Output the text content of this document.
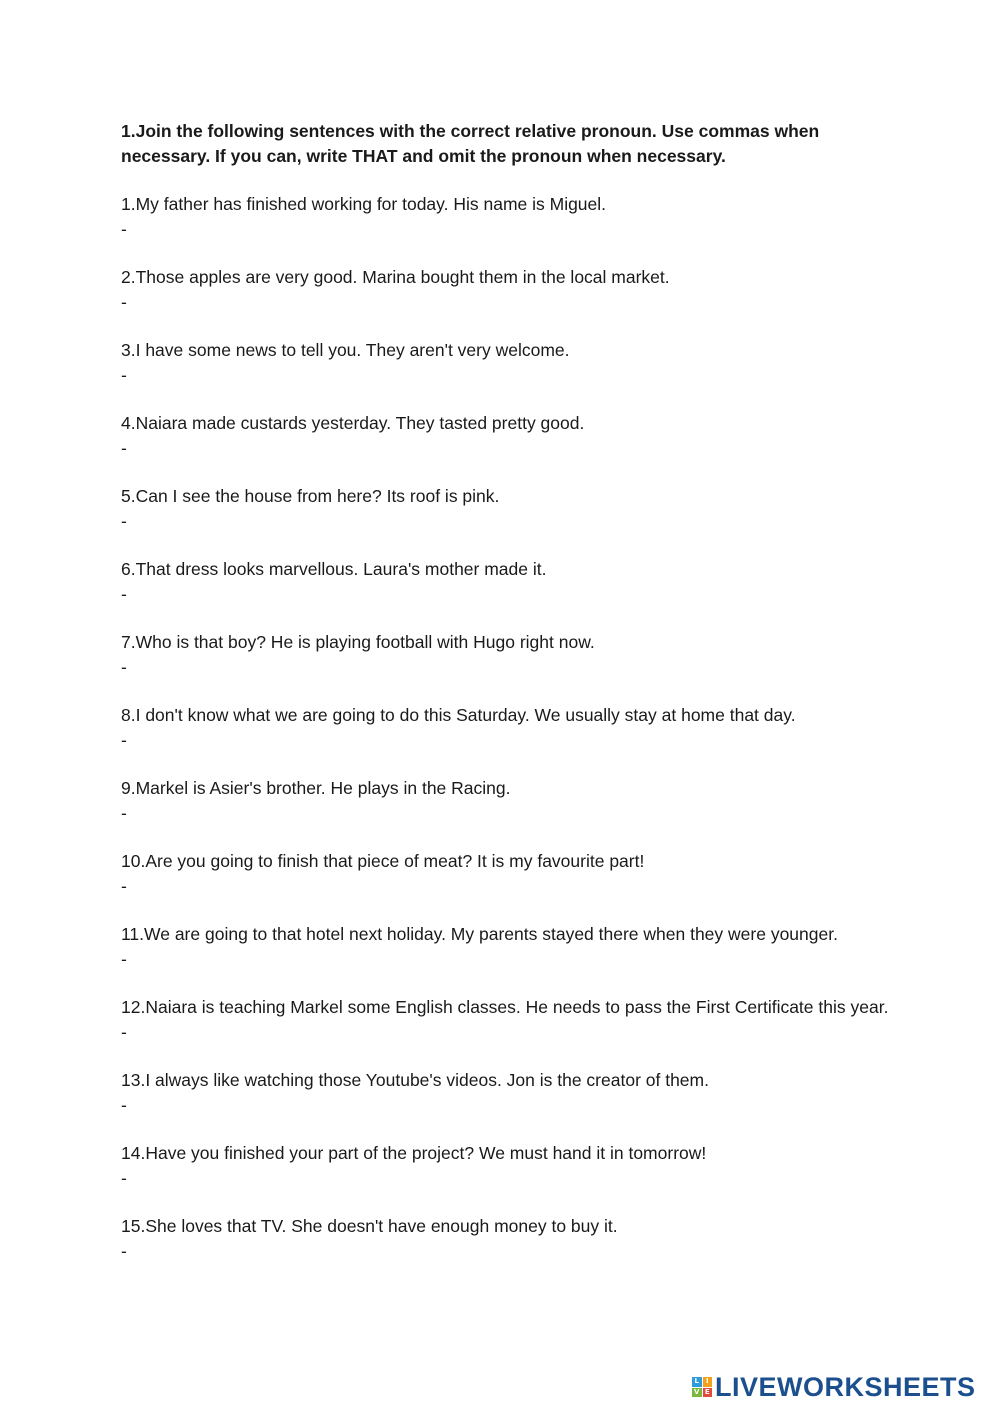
1.Join the following sentences with the correct relative pronoun. Use commas when necessary. If you can, write THAT and omit the pronoun when necessary.
1.My father has finished working for today. His name is Miguel.
-
2.Those apples are very good. Marina bought them in the local market.
-
3.I have some news to tell you. They aren't very welcome.
-
4.Naiara made custards yesterday. They tasted pretty good.
-
5.Can I see the house from here? Its roof is pink.
-
6.That dress looks marvellous. Laura's mother made it.
-
7.Who is that boy? He is playing football with Hugo right now.
-
8.I don't know what we are going to do this Saturday. We usually stay at home that day.
-
9.Markel is Asier's brother. He plays in the Racing.
-
10.Are you going to finish that piece of meat? It is my favourite part!
-
11.We are going to that hotel next holiday. My parents stayed there when they were younger.
-
12.Naiara is teaching Markel some English classes. He needs to pass the First Certificate this year.
-
13.I always like watching those Youtube's videos. Jon is the creator of them.
-
14.Have you finished your part of the project? We must hand it in tomorrow!
-
15.She loves that TV. She doesn't have enough money to buy it.
-
L I
V E LIVEWORKSHEETS
